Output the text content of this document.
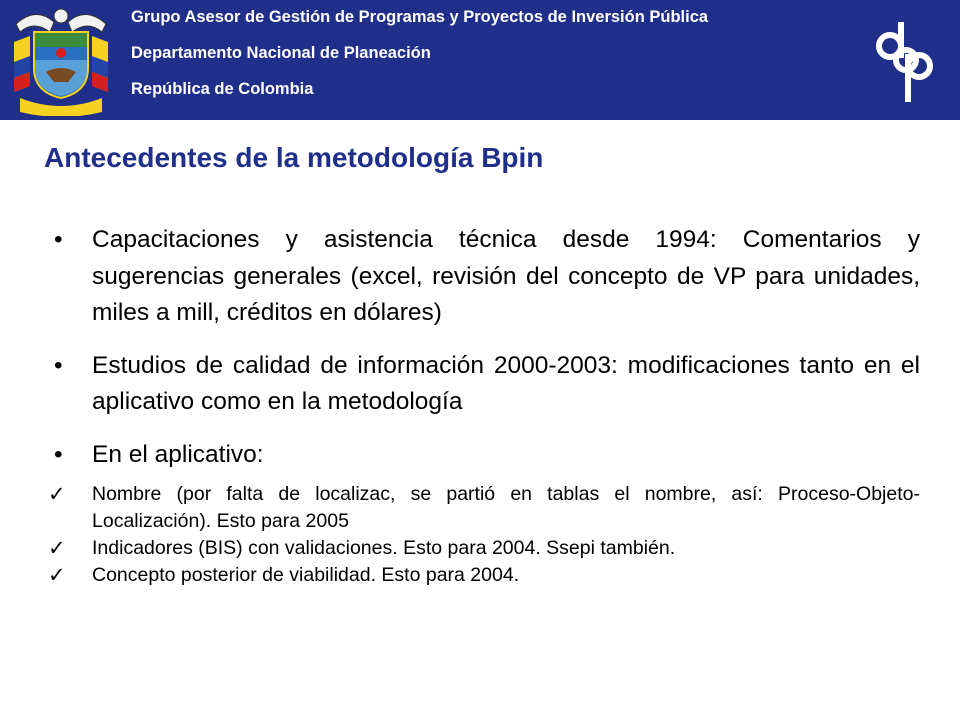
Grupo Asesor de Gestión de Programas y Proyectos de Inversión Pública
Departamento Nacional de Planeación
República de Colombia
Antecedentes de la metodología Bpin
• Capacitaciones y asistencia técnica desde 1994: Comentarios y sugerencias generales (excel, revisión del concepto de VP para unidades, miles a mill, créditos en dólares)
• Estudios de calidad de información 2000-2003: modificaciones tanto en el aplicativo como en la metodología
• En el aplicativo:
✓ Nombre (por falta de localizac, se partió en tablas el nombre, así: Proceso-Objeto-Localización). Esto para 2005
✓ Indicadores (BIS) con validaciones. Esto para 2004. Ssepi también.
✓ Concepto posterior de viabilidad. Esto para 2004.
